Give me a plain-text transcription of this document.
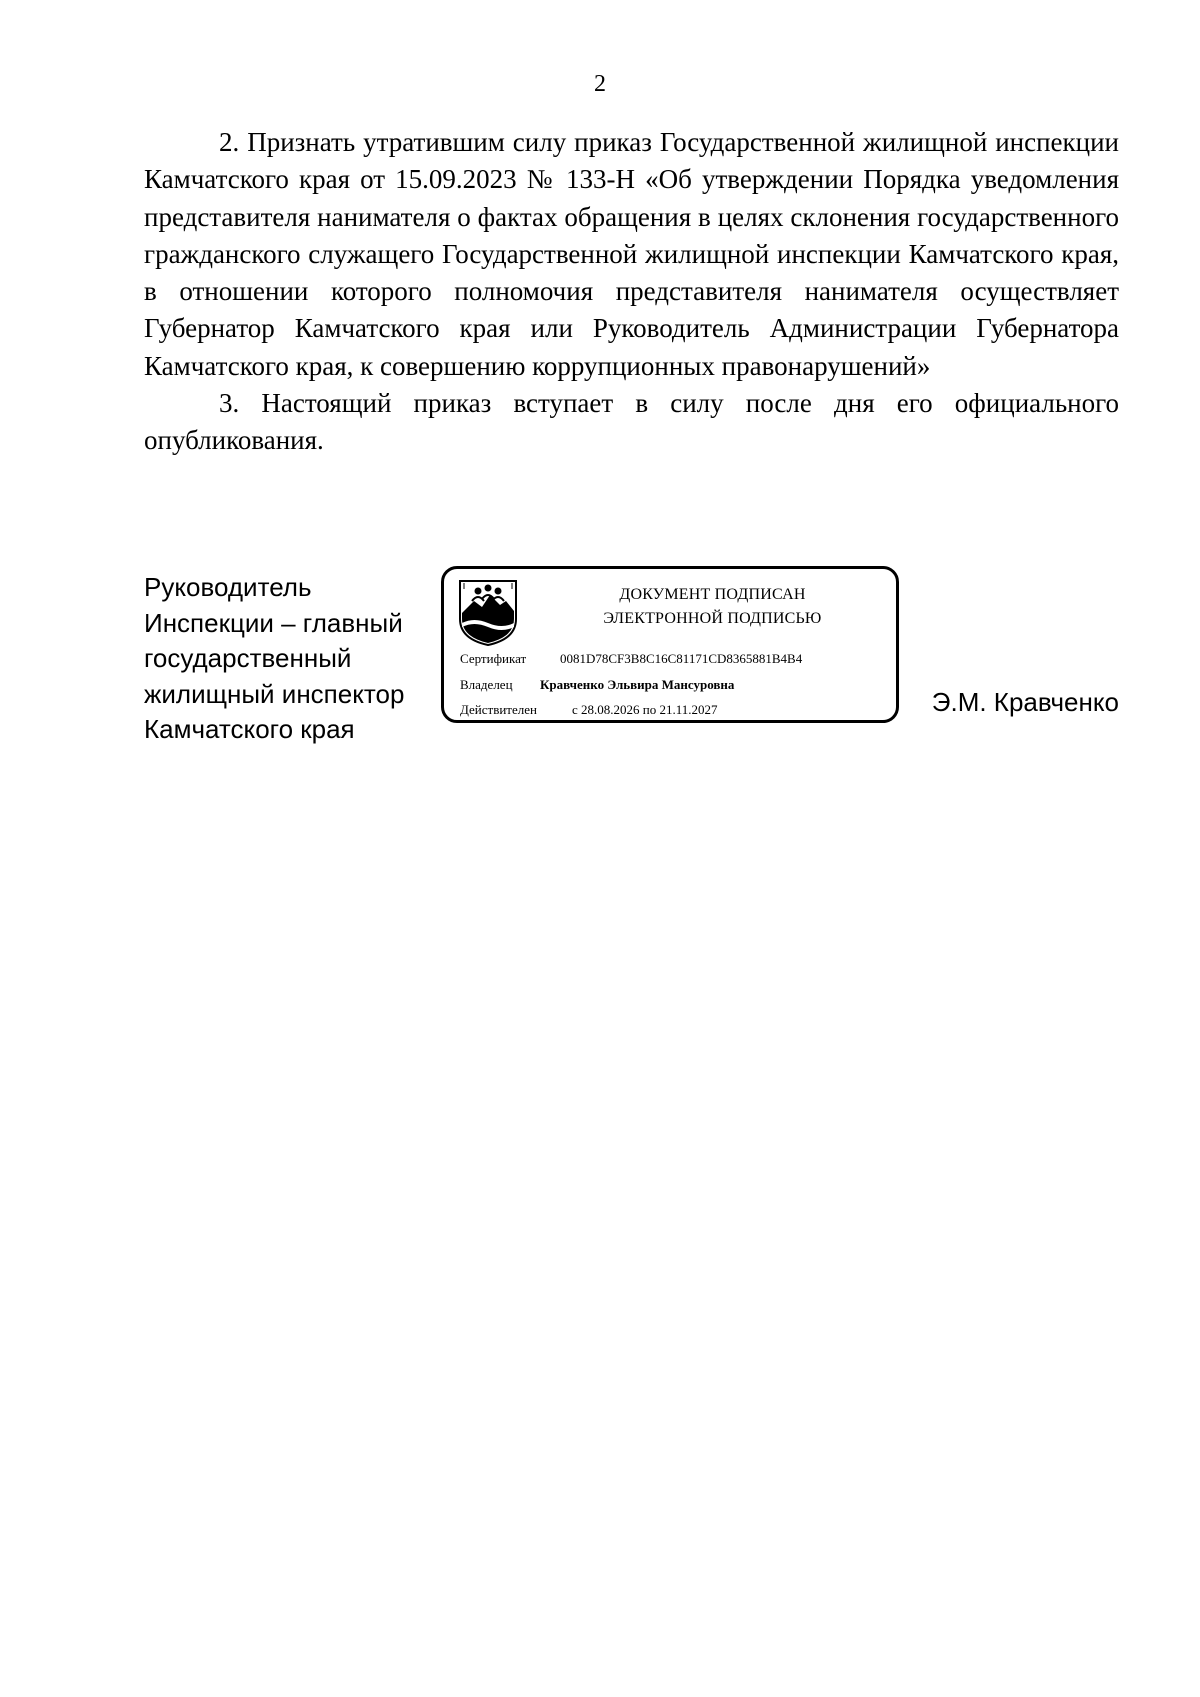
2

2. Признать утратившим силу приказ Государственной жилищной инспекции Камчатского края от 15.09.2023 № 133-Н «Об утверждении Порядка уведомления представителя нанимателя о фактах обращения в целях склонения государственного гражданского служащего Государственной жилищной инспекции Камчатского края, в отношении которого полномочия представителя нанимателя осуществляет Губернатор Камчатского края или Руководитель Администрации Губернатора Камчатского края, к совершению коррупционных правонарушений»

3. Настоящий приказ вступает в силу после дня его официального опубликования.

Руководитель
Инспекции – главный
государственный
жилищный инспектор
Камчатского края
ДОКУМЕНТ ПОДПИСАН
ЭЛЕКТРОННОЙ ПОДПИСЬЮ
Сертификат	0081D78CF3B8C16C81171CD8365881B4B4
Владелец Кравченко Эльвира Мансуровна
Действителен	с 28.08.2026 по 21.11.2027	Э.М. Кравченко
